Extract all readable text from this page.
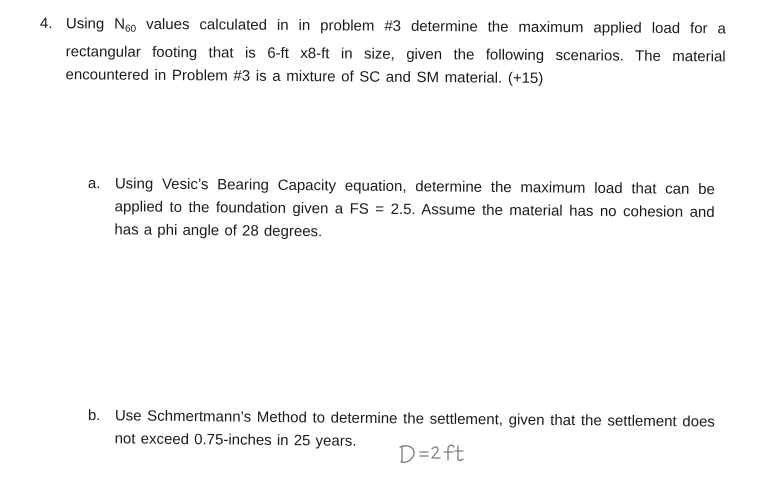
4. Using $N_{60}$ values calculated in in problem #3 determine the maximum applied load for a rectangular footing that is 6-ft x8-ft in size, given the following scenarios. The material encountered in Problem #3 is a mixture of SC and SM material. (+15)
a. Using Vesic’s Bearing Capacity equation, determine the maximum load that can be applied to the foundation given a FS = 2.5. Assume the material has no cohesion and has a phi angle of 28 degrees.
b. Use Schmertmann’s Method to determine the settlement, given that the settlement does not exceed 0.75-inches in 25 years.
